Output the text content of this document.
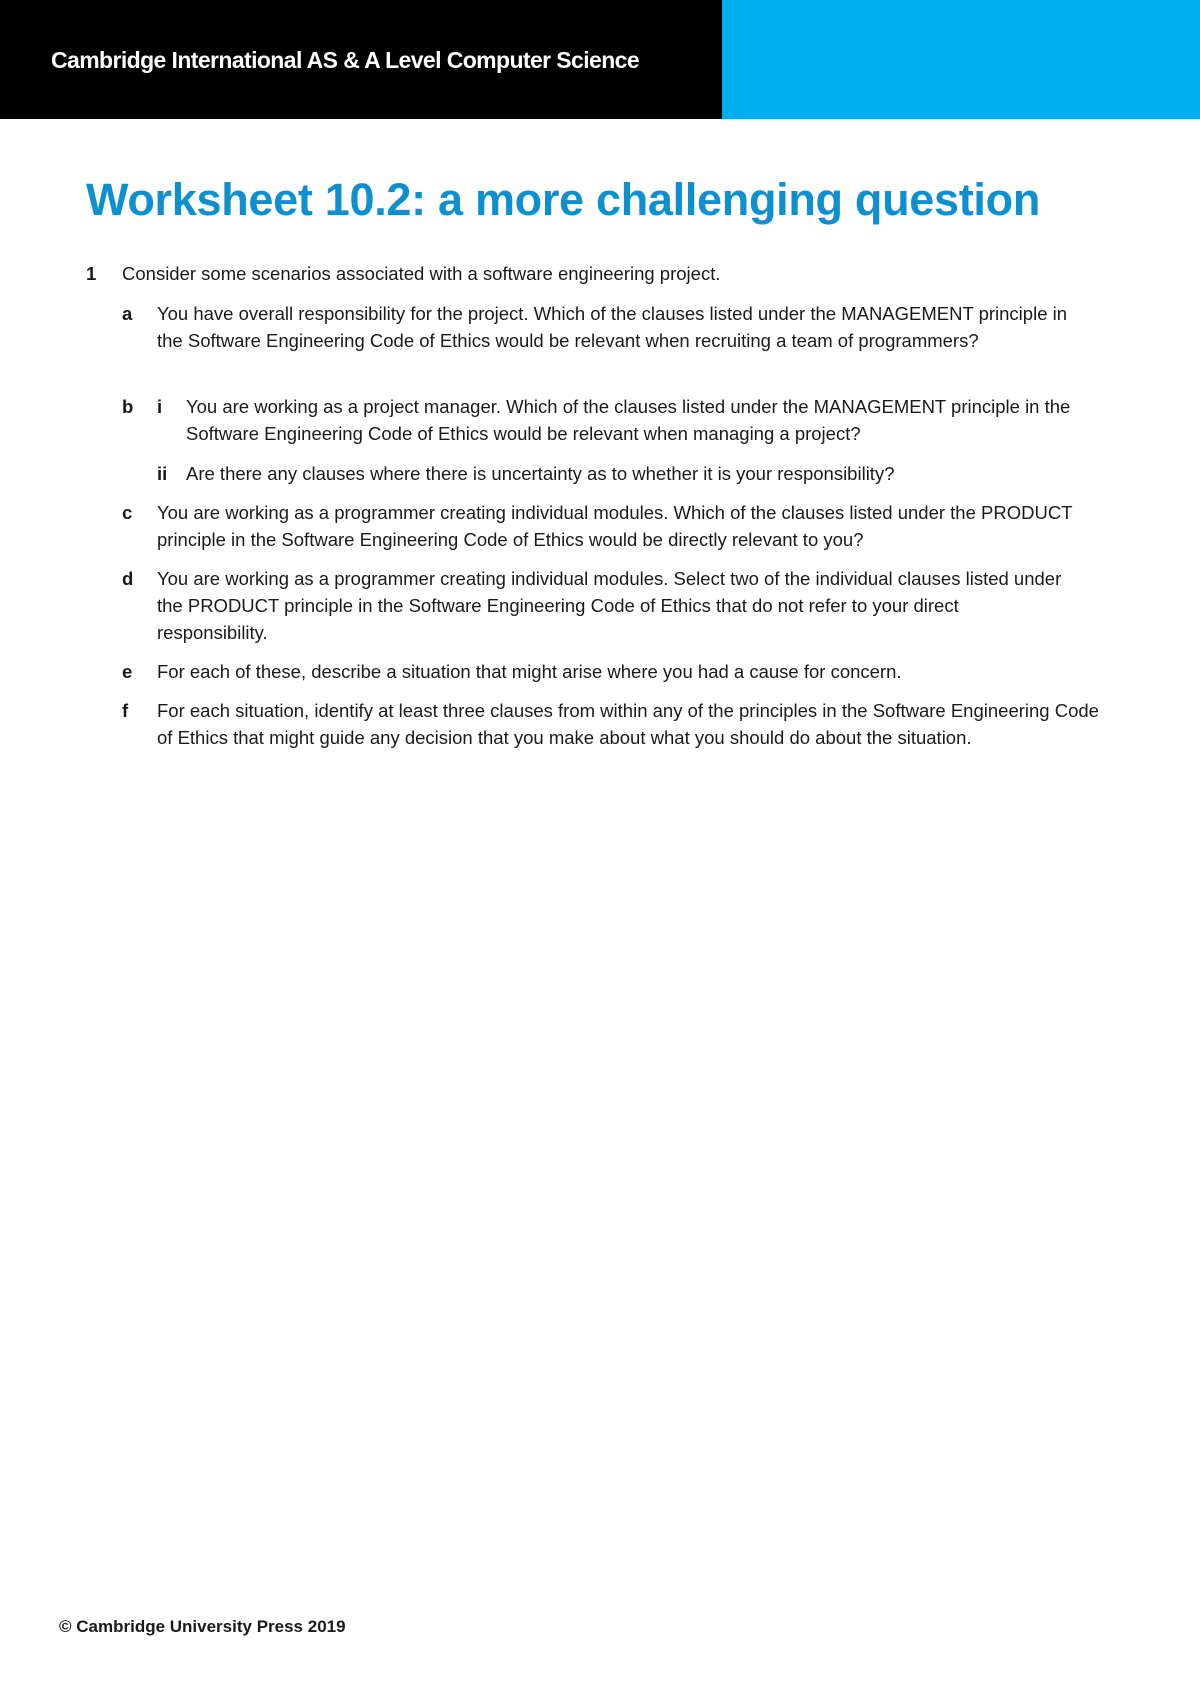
Cambridge International AS & A Level Computer Science
Worksheet 10.2: a more challenging question
1 Consider some scenarios associated with a software engineering project.
a You have overall responsibility for the project. Which of the clauses listed under the MANAGEMENT principle in the Software Engineering Code of Ethics would be relevant when recruiting a team of programmers?
b i You are working as a project manager. Which of the clauses listed under the MANAGEMENT principle in the Software Engineering Code of Ethics would be relevant when managing a project?
ii Are there any clauses where there is uncertainty as to whether it is your responsibility?
c You are working as a programmer creating individual modules. Which of the clauses listed under the PRODUCT principle in the Software Engineering Code of Ethics would be directly relevant to you?
d You are working as a programmer creating individual modules. Select two of the individual clauses listed under the PRODUCT principle in the Software Engineering Code of Ethics that do not refer to your direct responsibility.
e For each of these, describe a situation that might arise where you had a cause for concern.
f For each situation, identify at least three clauses from within any of the principles in the Software Engineering Code of Ethics that might guide any decision that you make about what you should do about the situation.
© Cambridge University Press 2019
